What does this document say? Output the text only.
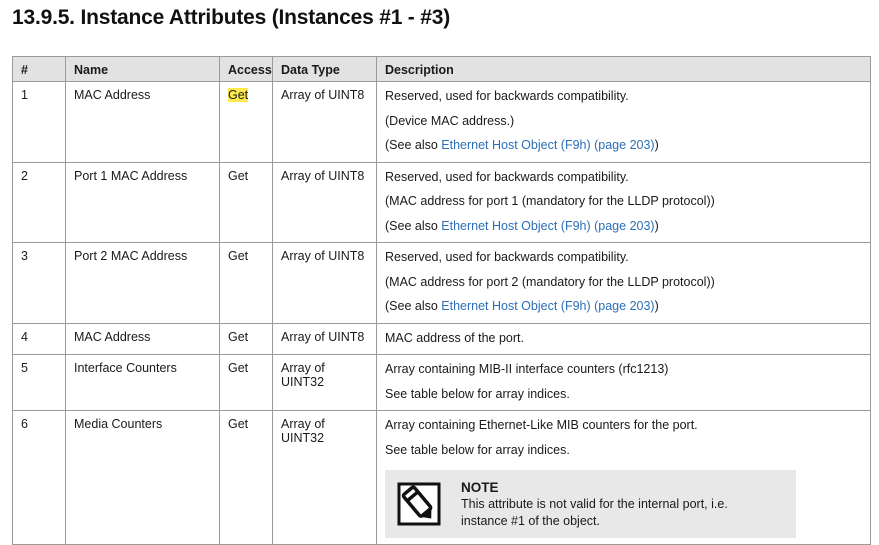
13.9.5. Instance Attributes (Instances #1 - #3)
#	Name	Access	Data Type	Description
1	MAC Address	Get	Array of UINT8	Reserved, used for backwards compatibility.
(Device MAC address.)
(See also Ethernet Host Object (F9h) (page 203))

2	Port 1 MAC Address	Get	Array of UINT8	Reserved, used for backwards compatibility.
(MAC address for port 1 (mandatory for the LLDP protocol))
(See also Ethernet Host Object (F9h) (page 203))

3	Port 2 MAC Address	Get	Array of UINT8	Reserved, used for backwards compatibility.
(MAC address for port 2 (mandatory for the LLDP protocol))
(See also Ethernet Host Object (F9h) (page 203))

4	MAC Address	Get	Array of UINT8	MAC address of the port.

5	Interface Counters	Get	Array of UINT32	Array containing MIB-II interface counters (rfc1213)
See table below for array indices.

6	Media Counters	Get	Array of UINT32	Array containing Ethernet-Like MIB counters for the port.
See table below for array indices.
NOTE
This attribute is not valid for the internal port, i.e.
instance #1 of the object.
